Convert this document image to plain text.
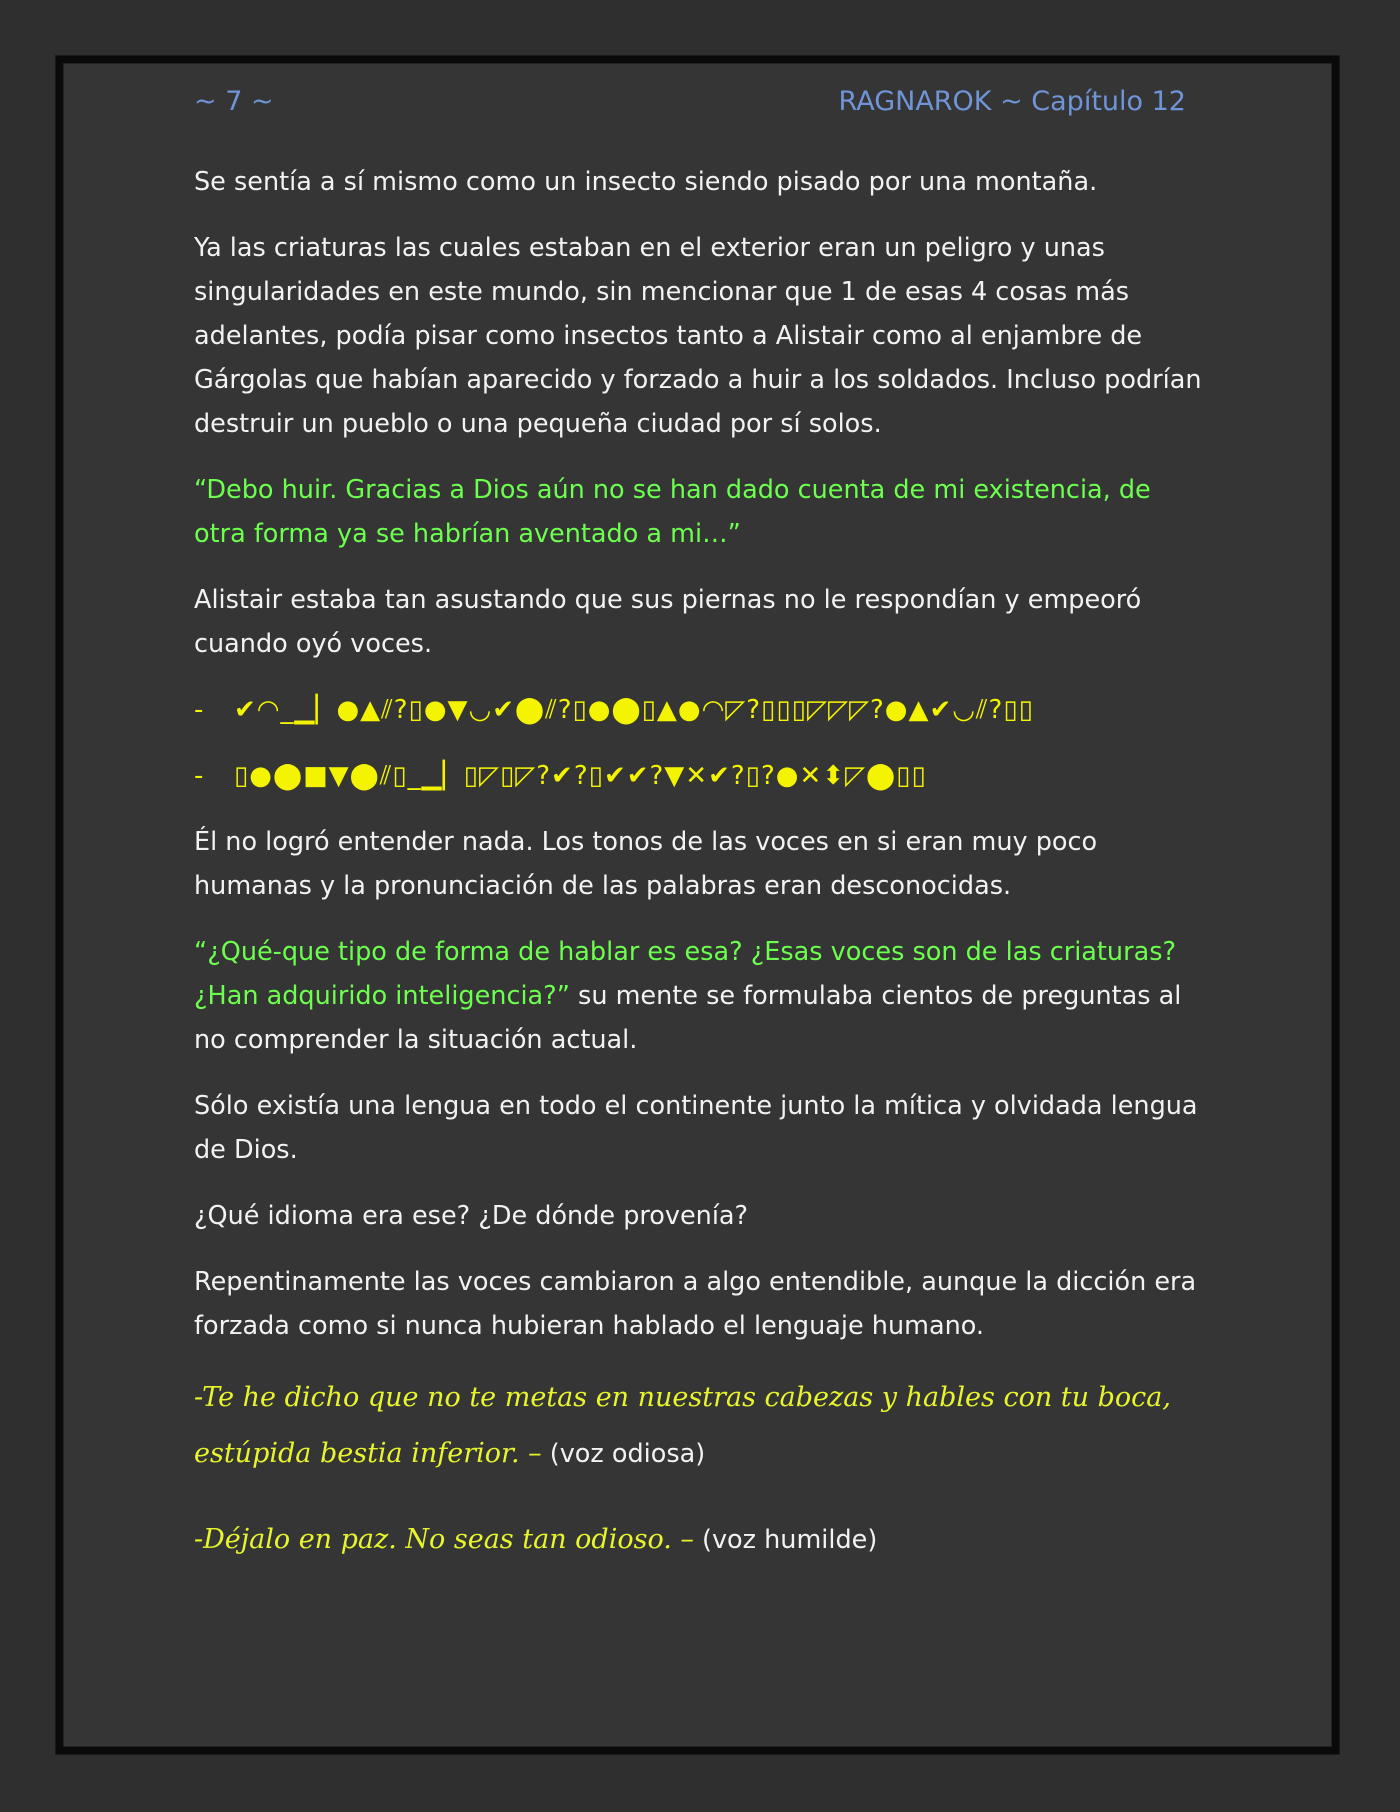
~ 7 ~	RAGNAROK ~ Capítulo 12

Se sentía a sí mismo como un insecto siendo pisado por una montaña.

Ya las criaturas las cuales estaban en el exterior eran un peligro y unas singularidades en este mundo, sin mencionar que 1 de esas 4 cosas más adelantes, podía pisar como insectos tanto a Alistair como al enjambre de Gárgolas que habían aparecido y forzado a huir a los soldados. Incluso podrían destruir un pueblo o una pequeña ciudad por sí solos.

“Debo huir. Gracias a Dios aún no se han dado cuenta de mi existencia, de otra forma ya se habrían aventado a mi…”

Alistair estaba tan asustando que sus piernas no le respondían y empeoró cuando oyó voces.

- ✔◠_▁▏●▲⫽?▯●▼◡✔⬤⫽?▯●⬤▯▲●◠◸?▯▯▯◸◸◸?●▲✔◡⫽?▯▯
- ▯●⬤■▼⬤⫽▯_▁▏▯◸▯◸?✔?▯✔✔?▼✕✔?▯?●✕⬍◸⬤▯▯

Él no logró entender nada. Los tonos de las voces en si eran muy poco humanas y la pronunciación de las palabras eran desconocidas.

“¿Qué-que tipo de forma de hablar es esa? ¿Esas voces son de las criaturas? ¿Han adquirido inteligencia?” su mente se formulaba cientos de preguntas al no comprender la situación actual.

Sólo existía una lengua en todo el continente junto la mítica y olvidada lengua de Dios.

¿Qué idioma era ese? ¿De dónde provenía?

Repentinamente las voces cambiaron a algo entendible, aunque la dicción era forzada como si nunca hubieran hablado el lenguaje humano.

-Te he dicho que no te metas en nuestras cabezas y hables con tu boca, estúpida bestia inferior. – (voz odiosa)

-Déjalo en paz. No seas tan odioso. – (voz humilde)
